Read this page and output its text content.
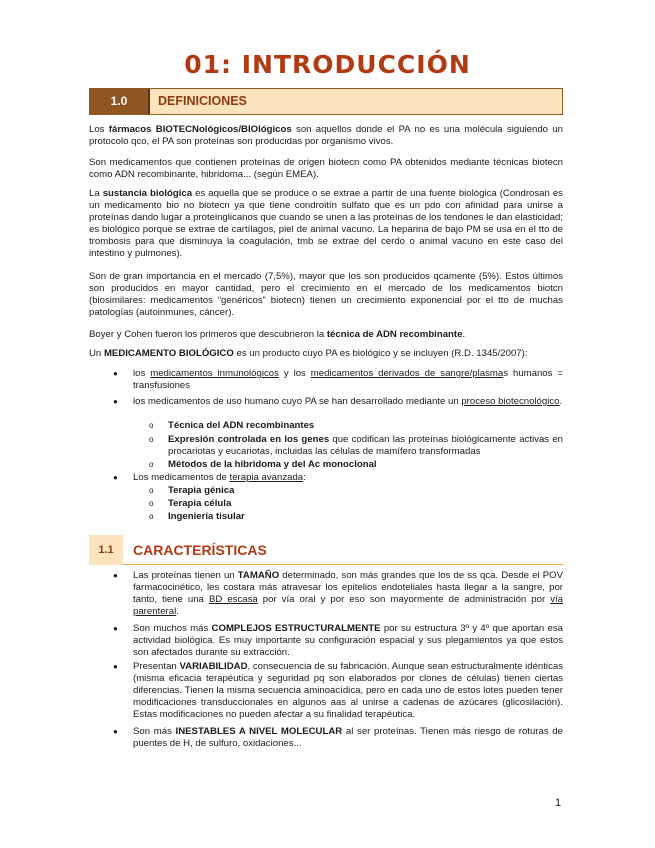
01: INTRODUCCIÓN
1.0	DEFINICIONES

Los fármacos BIOTECNológicos/BIOlógicos son aquellos donde el PA no es una molécula siguiendo un protocolo qco, el PA son proteínas son producidas por organismo vivos.

Son medicamentos que contienen proteínas de origen biotecn como PA obtenidos mediante técnicas biotecn como ADN recombinante, hibridoma... (según EMEA).

La sustancia biológica es aquella que se produce o se extrae a partir de una fuente biológica (Condrosan es un medicamento bio no biotecn ya que tiene condroitín sulfato que es un pdo con afinidad para unirse a proteínas dando lugar a proteinglicanos que cuando se unen a las proteínas de los tendones le dan elasticidad; es biológico porque se extrae de cartílagos, piel de animal vacuno. La heparina de bajo PM se usa en el tto de trombosis para que disminuya la coagulación, tmb se extrae del cerdo o animal vacuno en este caso del intestino y pulmones).

Son de gran importancia en el mercado (7,5%), mayor que los son producidos qcamente (5%). Estos últimos son producidos en mayor cantidad, pero el crecimiento en el mercado de los medicamentos biotcn (biosimilares: medicamentos “genéricos” biotecn) tienen un crecimiento exponencial por el tto de muchas patologías (autoinmunes, cáncer).

Boyer y Cohen fueron los primeros que descubrieron la técnica de ADN recombinante.

Un MEDICAMENTO BIOLÓGICO es un producto cuyo PA es biológico y se incluyen (R.D. 1345/2007):

● los medicamentos inmunológicos y los medicamentos derivados de sangre/plasmas humanos = transfusiones

● los medicamentos de uso humano cuyo PA se han desarrollado mediante un proceso biotecnológico.

o Técnica del ADN recombinantes

o Expresión controlada en los genes que codifican las proteínas biológicamente activas en procariotas y eucariotas, incluidas las células de mamífero transformadas

o Métodos de la hibridoma y del Ac monoclonal

● Los medicamentos de terapia avanzada:

o Terapia génica

o Terapia célula

o Ingeniería tisular

1.1	CARACTERÍSTICAS
● Las proteínas tienen un TAMAÑO determinado, son más grandes que los de ss qca. Desde el POV farmacocinético, les costara más atravesar los epitelios endoteliales hasta llegar a la sangre, por tanto, tiene una BD escasa por vía oral y por eso son mayormente de administración por vía parenteral.

● Son muchos más COMPLEJOS ESTRUCTURALMENTE por su estructura 3º y 4º que aportan esa actividad biológica. Es muy importante su configuración espacial y sus plegamientos ya que estos son afectados durante su extracción.

● Presentan VARIABILIDAD, consecuencia de su fabricación. Aunque sean estructuralmente idénticas (misma eficacia terapéutica y seguridad pq son elaborados por clones de células) tienen ciertas diferencias. Tienen la misma secuencia aminoacídica, pero en cada uno de estos lotes pueden tener modificaciones transduccionales en algunos aas al unirse a cadenas de azúcares (glicosilación). Estas modificaciones no pueden afectar a su finalidad terapéutica.

● Son más INESTABLES A NIVEL MOLECULAR al ser proteínas. Tienen más riesgo de roturas de puentes de H, de sulfuro, oxidaciones...

1
